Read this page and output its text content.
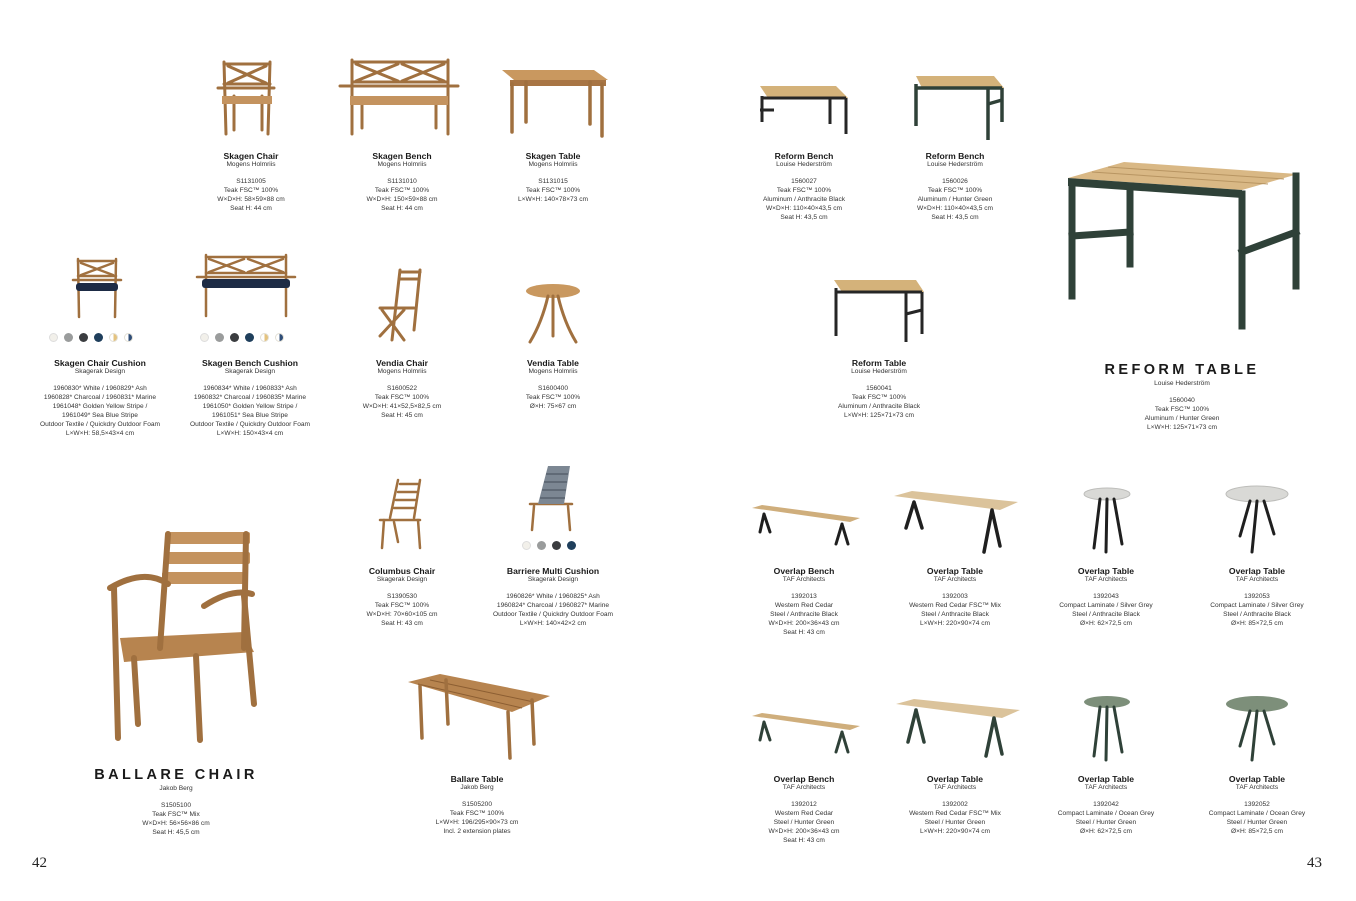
Skagen Chair
Mogens Holmriis
S1131005
Teak FSC™ 100%
W×D×H: 58×59×88 cm
Seat H: 44 cm
Skagen Bench
Mogens Holmriis
S1131010
Teak FSC™ 100%
W×D×H: 150×59×88 cm
Seat H: 44 cm
Skagen Table
Mogens Holmriis
S1131015
Teak FSC™ 100%
L×W×H: 140×78×73 cm
Skagen Chair Cushion
Skagerak Design
1960830* White / 1960829* Ash
1960828* Charcoal / 1960831* Marine
1961048* Golden Yellow Stripe /
1961049* Sea Blue Stripe
Outdoor Textile / Quickdry Outdoor Foam
L×W×H: 58,5×43×4 cm
Skagen Bench Cushion
Skagerak Design
1960834* White / 1960833* Ash
1960832* Charcoal / 1960835* Marine
1961050* Golden Yellow Stripe /
1961051* Sea Blue Stripe
Outdoor Textile / Quickdry Outdoor Foam
L×W×H: 150×43×4 cm
Vendia Chair
Mogens Holmriis
S1600522
Teak FSC™ 100%
W×D×H: 41×52,5×82,5 cm
Seat H: 45 cm
Vendia Table
Mogens Holmriis
S1600400
Teak FSC™ 100%
Ø×H: 75×67 cm
Columbus Chair
Skagerak Design
S1390530
Teak FSC™ 100%
W×D×H: 70×60×105 cm
Seat H: 43 cm
Barriere Multi Cushion
Skagerak Design
1960826* White / 1960825* Ash
1960824* Charcoal / 1960827* Marine
Outdoor Textile / Quickdry Outdoor Foam
L×W×H: 140×42×2 cm
BALLARE CHAIR
Jakob Berg
S1505100
Teak FSC™ Mix
W×D×H: 56×56×86 cm
Seat H: 45,5 cm
Ballare Table
Jakob Berg
S1505200
Teak FSC™ 100%
L×W×H: 196/295×90×73 cm
Incl. 2 extension plates
Reform Bench
Louise Hederström
1560027
Teak FSC™ 100%
Aluminum / Anthracite Black
W×D×H: 110×40×43,5 cm
Seat H: 43,5 cm
Reform Bench
Louise Hederström
1560026
Teak FSC™ 100%
Aluminum / Hunter Green
W×D×H: 110×40×43,5 cm
Seat H: 43,5 cm
Reform Table
Louise Hederström
1560041
Teak FSC™ 100%
Aluminum / Anthracite Black
L×W×H: 125×71×73 cm
REFORM TABLE
Louise Hederström
1560040
Teak FSC™ 100%
Aluminum / Hunter Green
L×W×H: 125×71×73 cm
Overlap Bench
TAF Architects
1392013
Western Red Cedar
Steel / Anthracite Black
W×D×H: 200×36×43 cm
Seat H: 43 cm
Overlap Table
TAF Architects
1392003
Western Red Cedar FSC™ Mix
Steel / Anthracite Black
L×W×H: 220×90×74 cm
Overlap Table
TAF Architects
1392043
Compact Laminate / Silver Grey
Steel / Anthracite Black
Ø×H: 62×72,5 cm
Overlap Table
TAF Architects
1392053
Compact Laminate / Silver Grey
Steel / Anthracite Black
Ø×H: 85×72,5 cm
Overlap Bench
TAF Architects
1392012
Western Red Cedar
Steel / Hunter Green
W×D×H: 200×36×43 cm
Seat H: 43 cm
Overlap Table
TAF Architects
1392002
Western Red Cedar FSC™ Mix
Steel / Hunter Green
L×W×H: 220×90×74 cm
Overlap Table
TAF Architects
1392042
Compact Laminate / Ocean Grey
Steel / Hunter Green
Ø×H: 62×72,5 cm
Overlap Table
TAF Architects
1392052
Compact Laminate / Ocean Grey
Steel / Hunter Green
Ø×H: 85×72,5 cm
42	43
